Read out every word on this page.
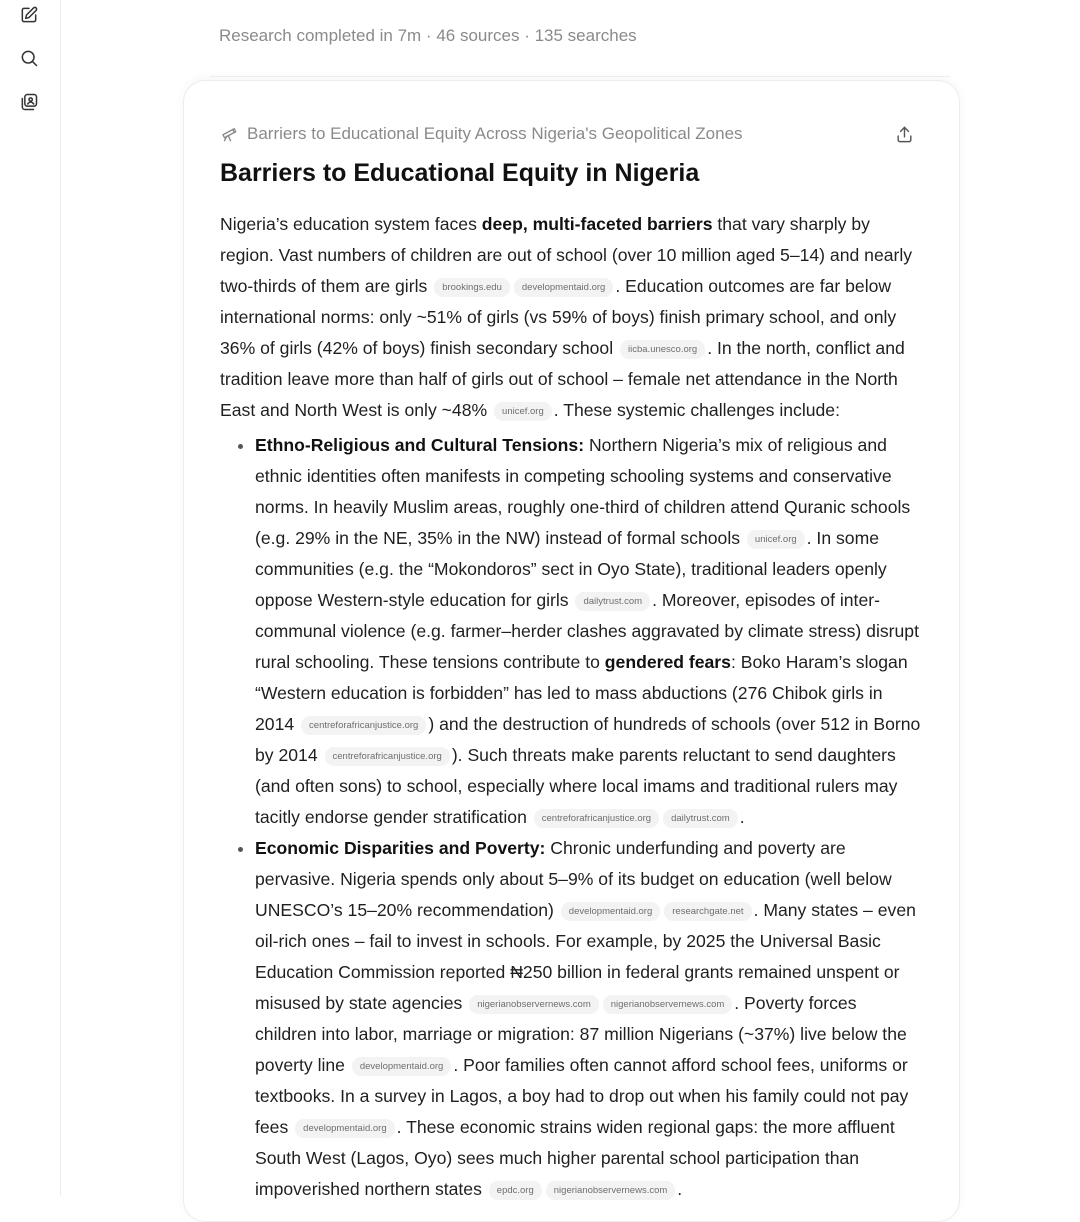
Research completed in 7m · 46 sources · 135 searches
Barriers to Educational Equity Across Nigeria's Geopolitical Zones
Barriers to Educational Equity in Nigeria

Nigeria’s education system faces deep, multi-faceted barriers that vary sharply by region. Vast numbers of children are out of school (over 10 million aged 5–14) and nearly two-thirds of them are girls brookings.edu developmentaid.org . Education outcomes are far below international norms: only ~51% of girls (vs 59% of boys) finish primary school, and only 36% of girls (42% of boys) finish secondary school iicba.unesco.org . In the north, conflict and tradition leave more than half of girls out of school – female net attendance in the North East and North West is only ~48% unicef.org . These systemic challenges include:

• Ethno-Religious and Cultural Tensions: Northern Nigeria’s mix of religious and ethnic identities often manifests in competing schooling systems and conservative norms. In heavily Muslim areas, roughly one-third of children attend Quranic schools (e.g. 29% in the NE, 35% in the NW) instead of formal schools unicef.org . In some communities (e.g. the “Mokondoros” sect in Oyo State), traditional leaders openly oppose Western-style education for girls dailytrust.com . Moreover, episodes of inter-communal violence (e.g. farmer–herder clashes aggravated by climate stress) disrupt rural schooling. These tensions contribute to gendered fears: Boko Haram’s slogan “Western education is forbidden” has led to mass abductions (276 Chibok girls in 2014 centreforafricanjustice.org ) and the destruction of hundreds of schools (over 512 in Borno by 2014 centreforafricanjustice.org ). Such threats make parents reluctant to send daughters (and often sons) to school, especially where local imams and traditional rulers may tacitly endorse gender stratification centreforafricanjustice.org dailytrust.com .
• Economic Disparities and Poverty: Chronic underfunding and poverty are pervasive. Nigeria spends only about 5–9% of its budget on education (well below UNESCO’s 15–20% recommendation) developmentaid.org researchgate.net . Many states – even oil-rich ones – fail to invest in schools. For example, by 2025 the Universal Basic Education Commission reported ₦250 billion in federal grants remained unspent or misused by state agencies nigerianobservernews.com nigerianobservernews.com . Poverty forces children into labor, marriage or migration: 87 million Nigerians (~37%) live below the poverty line developmentaid.org . Poor families often cannot afford school fees, uniforms or textbooks. In a survey in Lagos, a boy had to drop out when his family could not pay fees developmentaid.org . These economic strains widen regional gaps: the more affluent South West (Lagos, Oyo) sees much higher parental school participation than impoverished northern states epdc.org nigerianobservernews.com .
